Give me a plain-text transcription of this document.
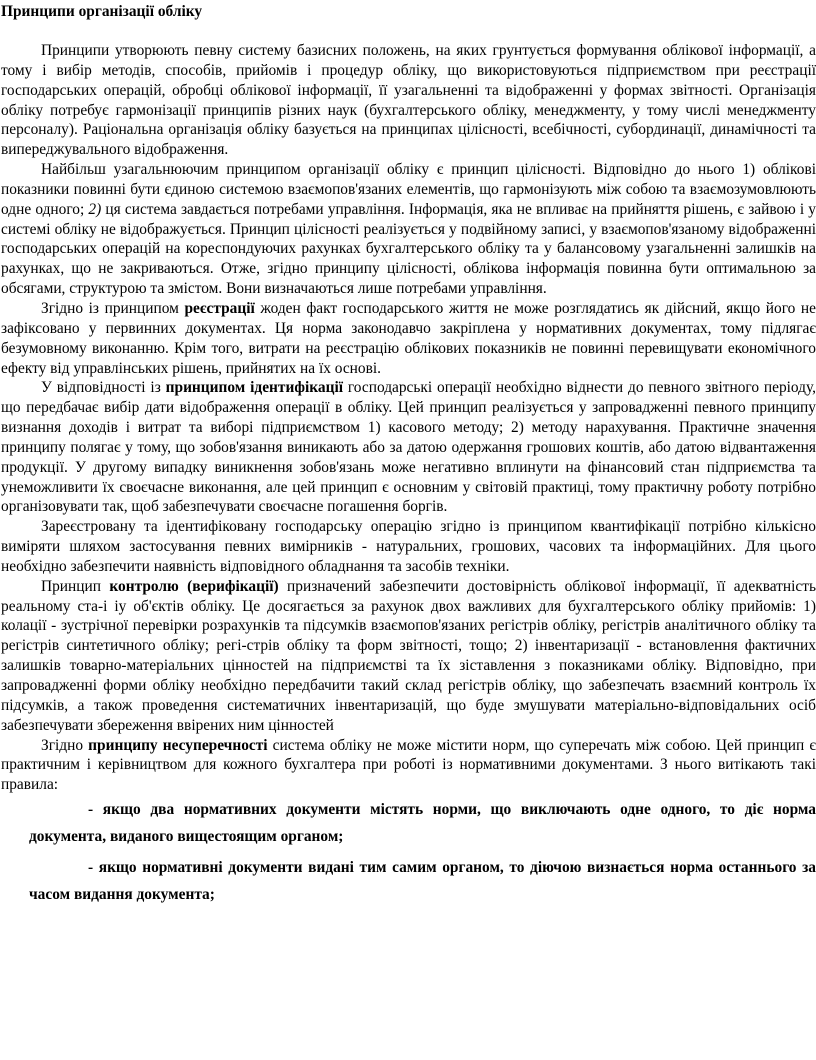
Принципи організації обліку

Принципи утворюють певну систему базисних положень, на яких грунтується формування облікової інформації, а тому і вибір методів, способів, прийомів і процедур обліку, що використовуються підприємством при реєстрації господарських операцій, обробці облікової інформації, її узагальненні та відображенні у формах звітності. Організація обліку потребує гармонізації принципів різних наук (бухгалтерського обліку, менеджменту, у тому числі менеджменту персоналу). Раціональна організація обліку базується на принципах цілісності, всебічності, субординації, динамічності та випереджувального відображення.

Найбільш узагальнюючим принципом організації обліку є принцип цілісності. Відповідно до нього 1) облікові показники повинні бути єдиною системою взаємопов'язаних елементів, що гармонізують між собою та взаємозумовлюють одне одного; 2) ця система завдається потребами управління. Інформація, яка не впливає на прийняття рішень, є зайвою і у системі обліку не відображується. Принцип цілісності реалізується у подвійному записі, у взаємопов'язаному відображенні господарських операцій на кореспондуючих рахунках бухгалтерського обліку та у балансовому узагальненні залишків на рахунках, що не закриваються. Отже, згідно принципу цілісності, облікова інформація повинна бути оптимальною за обсягами, структурою та змістом. Вони визначаються лише потребами управління.

Згідно із принципом реєстрації жоден факт господарського життя не може розглядатись як дійсний, якщо його не зафіксовано у первинних документах. Ця норма законодавчо закріплена у нормативних документах, тому підлягає безумовному виконанню. Крім того, витрати на реєстрацію облікових показників не повинні перевищувати економічного ефекту від управлінських рішень, прийнятих на їх основі.

У відповідності із принципом ідентифікації господарські операції необхідно віднести до певного звітного періоду, що передбачає вибір дати відображення операції в обліку. Цей принцип реалізується у запровадженні певного принципу визнання доходів і витрат та виборі підприємством 1) касового методу; 2) методу нарахування. Практичне значення принципу полягає у тому, що зобов'язання виникають або за датою одержання грошових коштів, або датою відвантаження продукції. У другому випадку виникнення зобов'язань може негативно вплинути на фінансовий стан підприємства та унеможливити їх своєчасне виконання, але цей принцип є основним у світовій практиці, тому практичну роботу потрібно організовувати так, щоб забезпечувати своєчасне погашення боргів.

Зареєстровану та ідентифіковану господарську операцію згідно із принципом квантифікації потрібно кількісно виміряти шляхом застосування певних вимірників - натуральних, грошових, часових та інформаційних. Для цього необхідно забезпечити наявність відповідного обладнання та засобів техніки.

Принцип контролю (верифікації) призначений забезпечити достовірність облікової інформації, її адекватність реальному ста-і іу об'єктів обліку. Це досягається за рахунок двох важливих для бухгалтерського обліку прийомів: 1) колації - зустрічної перевірки розрахунків та підсумків взаємопов'язаних регістрів обліку, регістрів аналітичного обліку та регістрів синтетичного обліку; регі-стрів обліку та форм звітності, тощо; 2) інвентаризації - встановлення фактичних залишків товарно-матеріальних цінностей на підприємстві та їх зіставлення з показниками обліку. Відповідно, при запровадженні форми обліку необхідно передбачити такий склад регістрів обліку, що забезпечать взаємний контроль їх підсумків, а також проведення систематичних інвентаризацій, що буде змушувати матеріально-відповідальних осіб забезпечувати збереження ввірених ним цінностей

Згідно принципу несуперечності система обліку не може містити норм, що суперечать між собою. Цей принцип є практичним і керівництвом для кожного бухгалтера при роботі із нормативними документами. З нього витікають такі правила:

- якщо два нормативних документи містять норми, що виключають одне одного, то діє норма документа, виданого вищестоящим органом;

- якщо нормативні документи видані тим самим органом, то діючою визнається норма останнього за часом видання документа;
